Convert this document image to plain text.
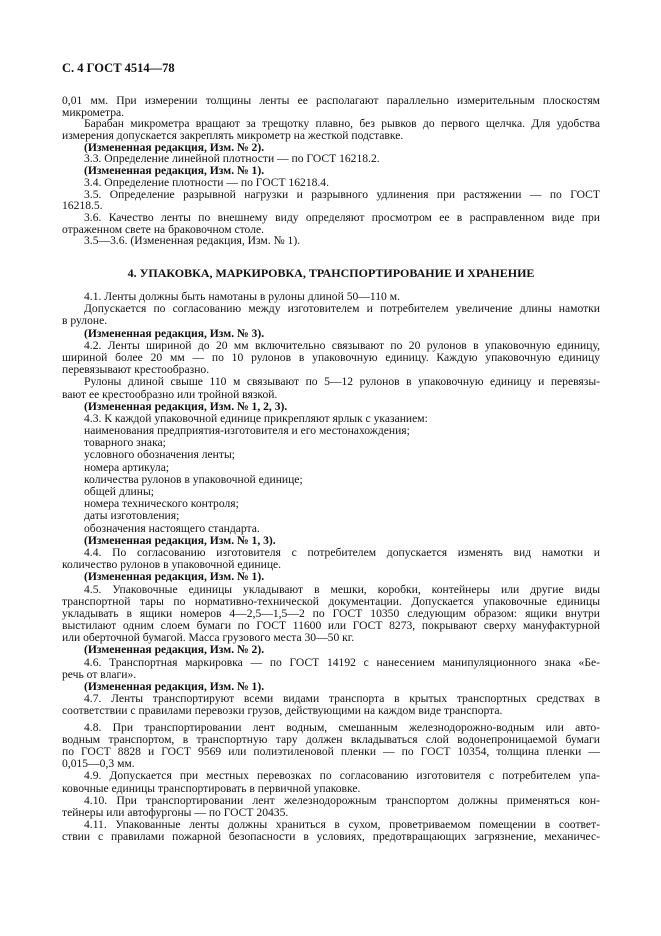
С. 4 ГОСТ 4514—78
0,01 мм. При измерении толщины ленты ее располагают параллельно измерительным плоскостям
микрометра.
Барабан микрометра вращают за трещотку плавно, без рывков до первого щелчка. Для удобства
измерения допускается закреплять микрометр на жесткой подставке.
(Измененная редакция, Изм. № 2).
3.3. Определение линейной плотности — по ГОСТ 16218.2.
(Измененная редакция, Изм. № 1).
3.4. Определение плотности — по ГОСТ 16218.4.
3.5. Определение разрывной нагрузки и разрывного удлинения при растяжении — по ГОСТ
16218.5.
3.6. Качество ленты по внешнему виду определяют просмотром ее в расправленном виде при
отраженном свете на браковочном столе.
3.5—3.6. (Измененная редакция, Изм. № 1).
4. УПАКОВКА, МАРКИРОВКА, ТРАНСПОРТИРОВАНИЕ И ХРАНЕНИЕ
4.1. Ленты должны быть намотаны в рулоны длиной 50—110 м.
Допускается по согласованию между изготовителем и потребителем увеличение длины намотки
в рулоне.
(Измененная редакция, Изм. № 3).
4.2. Ленты шириной до 20 мм включительно связывают по 20 рулонов в упаковочную единицу,
шириной более 20 мм — по 10 рулонов в упаковочную единицу. Каждую упаковочную единицу
перевязывают крестообразно.
Рулоны длиной свыше 110 м связывают по 5—12 рулонов в упаковочную единицу и перевязы-
вают ее крестообразно или тройной вязкой.
(Измененная редакция, Изм. № 1, 2, 3).
4.3. К каждой упаковочной единице прикрепляют ярлык с указанием:
наименования предприятия-изготовителя и его местонахождения;
товарного знака;
условного обозначения ленты;
номера артикула;
количества рулонов в упаковочной единице;
общей длины;
номера технического контроля;
даты изготовления;
обозначения настоящего стандарта.
(Измененная редакция, Изм. № 1, 3).
4.4. По согласованию изготовителя с потребителем допускается изменять вид намотки и
количество рулонов в упаковочной единице.
(Измененная редакция, Изм. № 1).
4.5. Упаковочные единицы укладывают в мешки, коробки, контейнеры или другие виды
транспортной тары по нормативно-технической документации. Допускается упаковочные единицы
укладывать в ящики номеров 4—2,5—1,5—2 по ГОСТ 10350 следующим образом: ящики внутри
выстилают одним слоем бумаги по ГОСТ 11600 или ГОСТ 8273, покрывают сверху мануфактурной
или оберточной бумагой. Масса грузового места 30—50 кг.
(Измененная редакция, Изм. № 2).
4.6. Транспортная маркировка — по ГОСТ 14192 с нанесением манипуляционного знака «Бе-
речь от влаги».
(Измененная редакция, Изм. № 1).
4.7. Ленты транспортируют всеми видами транспорта в крытых транспортных средствах в
соответствии с правилами перевозки грузов, действующими на каждом виде транспорта.
4.8. При транспортировании лент водным, смешанным железнодорожно-водным или авто-
водным транспортом, в транспортную тару должен вкладываться слой водонепроницаемой бумаги
по ГОСТ 8828 и ГОСТ 9569 или полиэтиленовой пленки — по ГОСТ 10354, толщина пленки —
0,015—0,3 мм.
4.9. Допускается при местных перевозках по согласованию изготовителя с потребителем упа-
ковочные единицы транспортировать в первичной упаковке.
4.10. При транспортировании лент железнодорожным транспортом должны применяться кон-
тейнеры или автофургоны — по ГОСТ 20435.
4.11. Упакованные ленты должны храниться в сухом, проветриваемом помещении в соответ-
ствии с правилами пожарной безопасности в условиях, предотвращающих загрязнение, механичес-
